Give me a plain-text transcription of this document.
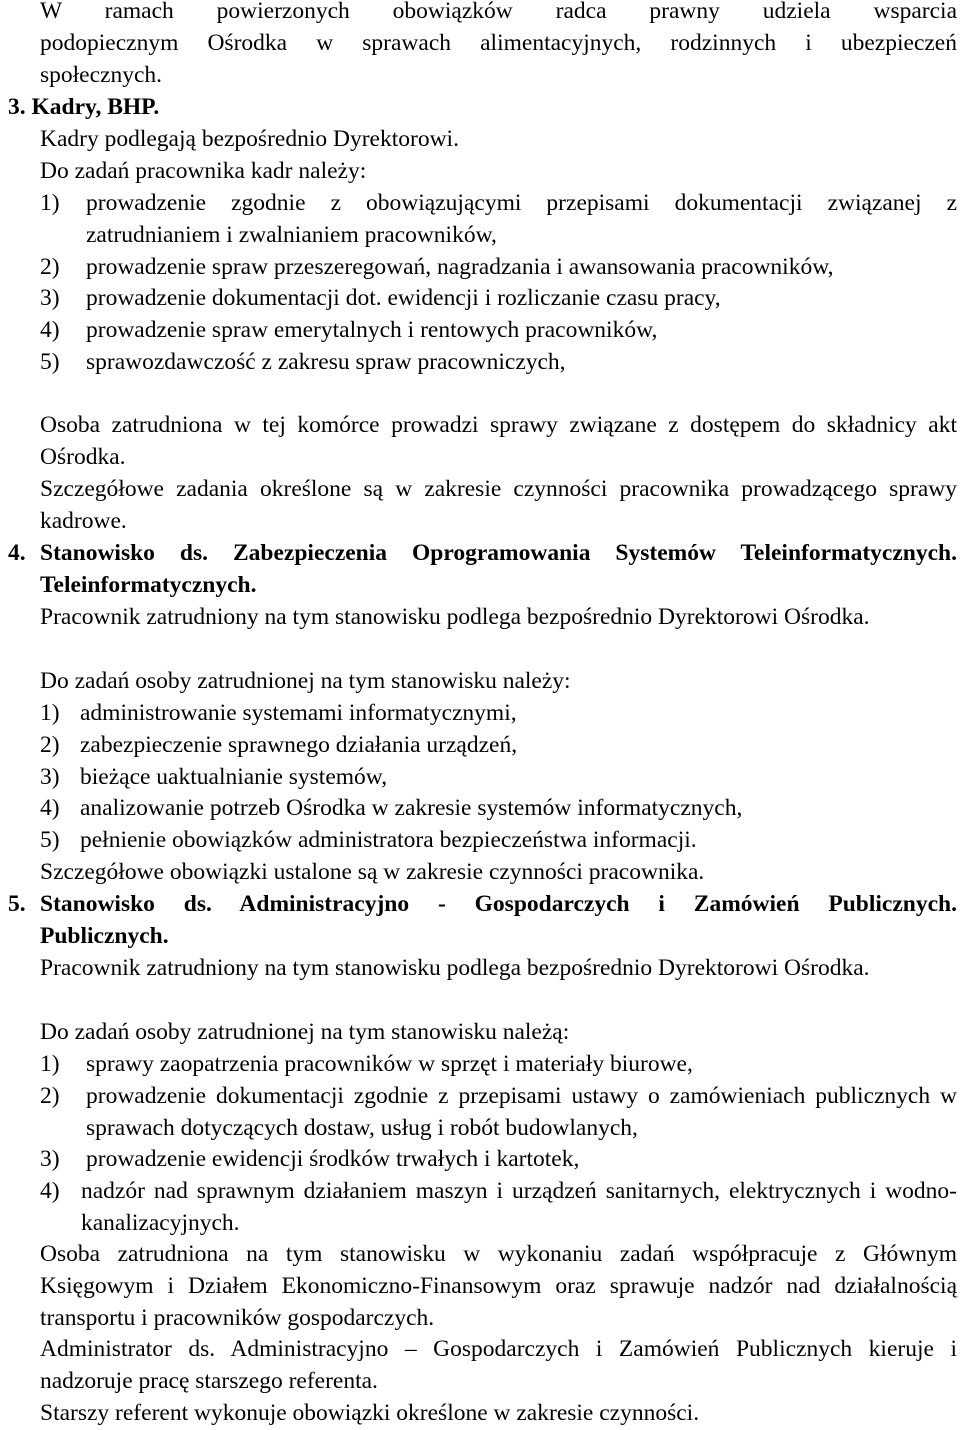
W ramach powierzonych obowiązków radca prawny udziela wsparcia

podopiecznym Ośrodka w sprawach alimentacyjnych, rodzinnych i ubezpieczeń

społecznych.

3. Kadry, BHP.

Kadry podlegają bezpośrednio Dyrektorowi.

Do zadań pracownika kadr należy:

1)	prowadzenie zgodnie z obowiązującymi przepisami dokumentacji związanej z zatrudnianiem i zwalnianiem pracowników,
2)	prowadzenie spraw przeszeregowań, nagradzania i awansowania pracowników,
3)	prowadzenie dokumentacji dot. ewidencji i rozliczanie czasu pracy,
4)	prowadzenie spraw emerytalnych i rentowych pracowników,
5)	sprawozdawczość z zakresu spraw pracowniczych,

Osoba zatrudniona w tej komórce prowadzi sprawy związane z dostępem do składnicy akt Ośrodka.

Szczegółowe zadania określone są w zakresie czynności pracownika prowadzącego sprawy kadrowe.

4. Stanowisko ds. Zabezpieczenia Oprogramowania Systemów Teleinformatycznych.

Teleinformatycznych.

Pracownik zatrudniony na tym stanowisku podlega bezpośrednio Dyrektorowi Ośrodka.

Do zadań osoby zatrudnionej na tym stanowisku należy:

1) administrowanie systemami informatycznymi,
2) zabezpieczenie sprawnego działania urządzeń,
3) bieżące uaktualnianie systemów,
4) analizowanie potrzeb Ośrodka w zakresie systemów informatycznych,
5) pełnienie obowiązków administratora bezpieczeństwa informacji.

Szczegółowe obowiązki ustalone są w zakresie czynności pracownika.

5. Stanowisko ds. Administracyjno - Gospodarczych i Zamówień Publicznych.

Publicznych.

Pracownik zatrudniony na tym stanowisku podlega bezpośrednio Dyrektorowi Ośrodka.

Do zadań osoby zatrudnionej na tym stanowisku należą:

1)	sprawy zaopatrzenia pracowników w sprzęt i materiały biurowe,
2)	prowadzenie dokumentacji zgodnie z przepisami ustawy o zamówieniach publicznych w sprawach dotyczących dostaw, usług i robót budowlanych,
3)	prowadzenie ewidencji środków trwałych i kartotek,
4) nadzór nad sprawnym działaniem maszyn i urządzeń sanitarnych, elektrycznych i wodno- kanalizacyjnych.

Osoba zatrudniona na tym stanowisku w wykonaniu zadań współpracuje z Głównym Księgowym i Działem Ekonomiczno-Finansowym oraz sprawuje nadzór nad działalnością transportu i pracowników gospodarczych.

Administrator ds. Administracyjno – Gospodarczych i Zamówień Publicznych kieruje i nadzoruje pracę starszego referenta.

Starszy referent wykonuje obowiązki określone w zakresie czynności.
